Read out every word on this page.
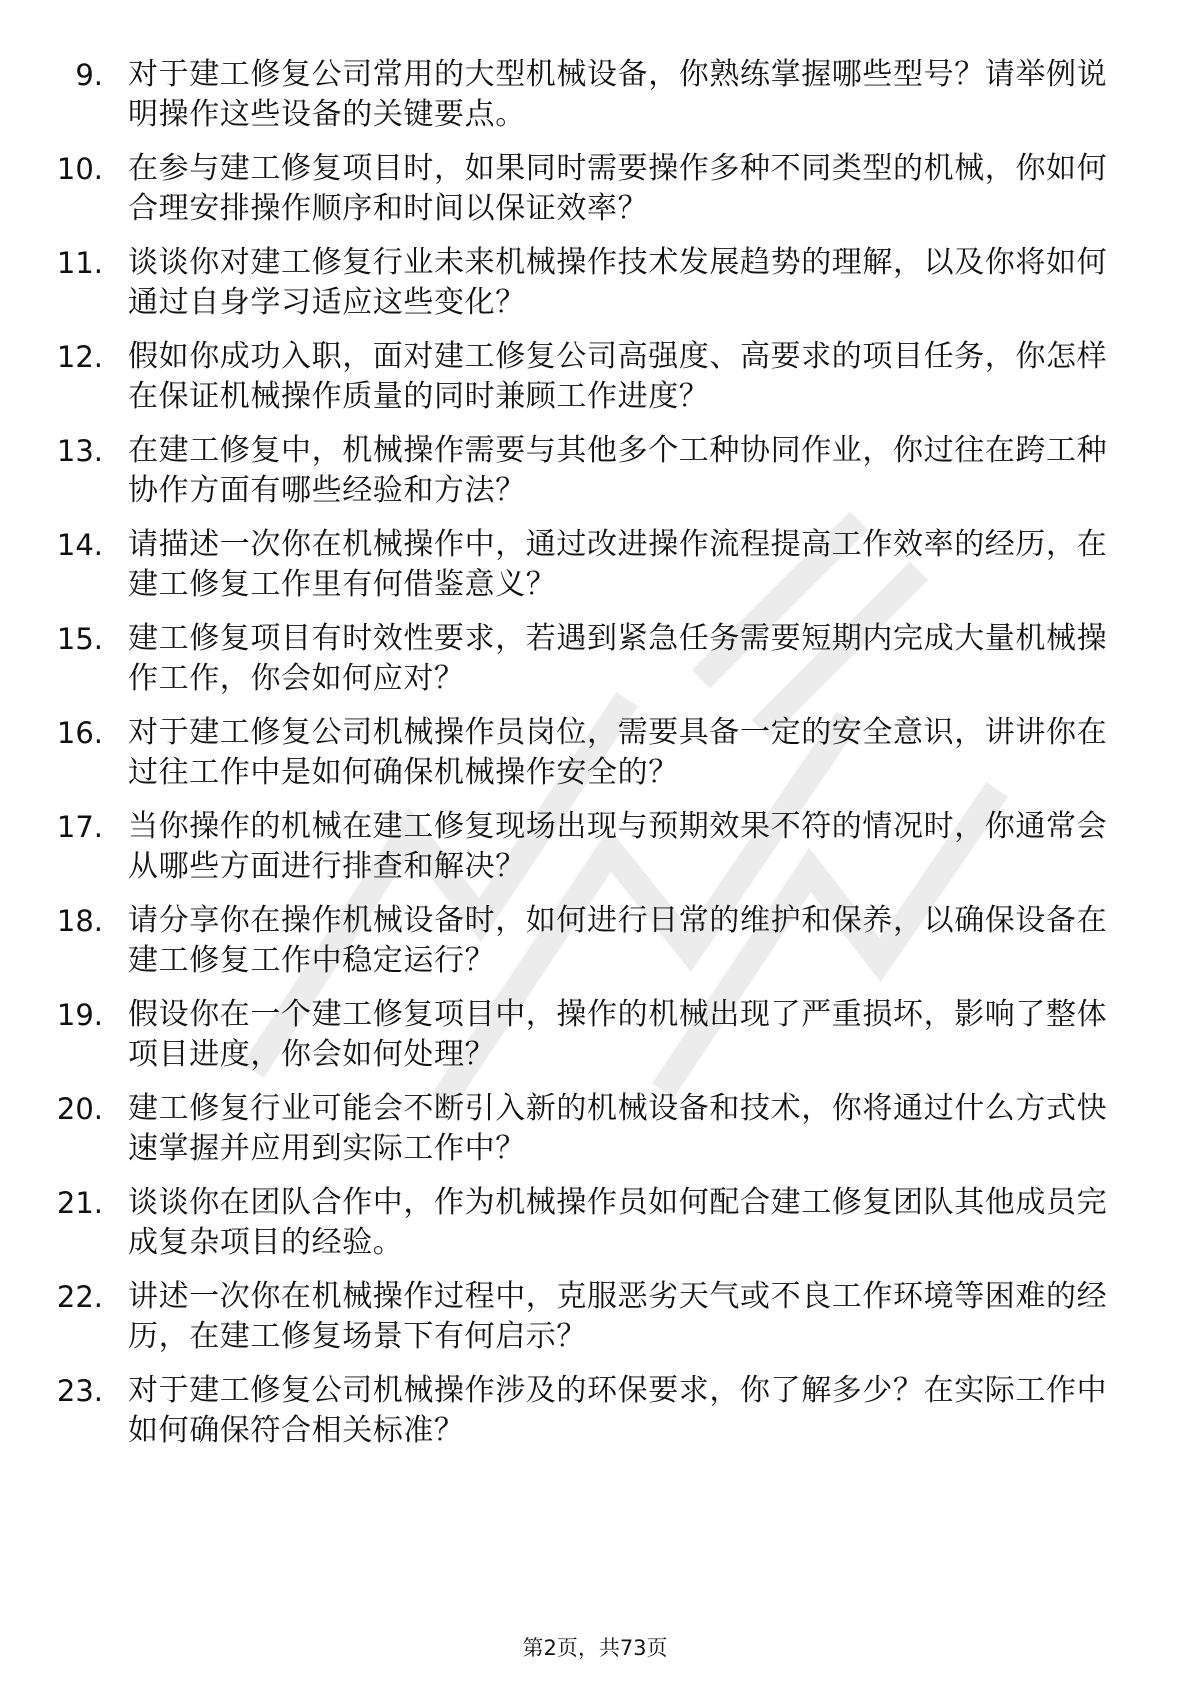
9. 对于建工修复公司常用的大型机械设备，你熟练掌握哪些型号？请举例说明操作这些设备的关键要点。
10. 在参与建工修复项目时，如果同时需要操作多种不同类型的机械，你如何合理安排操作顺序和时间以保证效率？
11. 谈谈你对建工修复行业未来机械操作技术发展趋势的理解，以及你将如何通过自身学习适应这些变化？
12. 假如你成功入职，面对建工修复公司高强度、高要求的项目任务，你怎样在保证机械操作质量的同时兼顾工作进度？
13. 在建工修复中，机械操作需要与其他多个工种协同作业，你过往在跨工种协作方面有哪些经验和方法？
14. 请描述一次你在机械操作中，通过改进操作流程提高工作效率的经历，在建工修复工作里有何借鉴意义？
15. 建工修复项目有时效性要求，若遇到紧急任务需要短期内完成大量机械操作工作，你会如何应对？
16. 对于建工修复公司机械操作员岗位，需要具备一定的安全意识，讲讲你在过往工作中是如何确保机械操作安全的？
17. 当你操作的机械在建工修复现场出现与预期效果不符的情况时，你通常会从哪些方面进行排查和解决？
18. 请分享你在操作机械设备时，如何进行日常的维护和保养，以确保设备在建工修复工作中稳定运行？
19. 假设你在一个建工修复项目中，操作的机械出现了严重损坏，影响了整体项目进度，你会如何处理？
20. 建工修复行业可能会不断引入新的机械设备和技术，你将通过什么方式快速掌握并应用到实际工作中？
21. 谈谈你在团队合作中，作为机械操作员如何配合建工修复团队其他成员完成复杂项目的经验。
22. 讲述一次你在机械操作过程中，克服恶劣天气或不良工作环境等困难的经历，在建工修复场景下有何启示？
23. 对于建工修复公司机械操作涉及的环保要求，你了解多少？在实际工作中如何确保符合相关标准？
第2页，共73页
